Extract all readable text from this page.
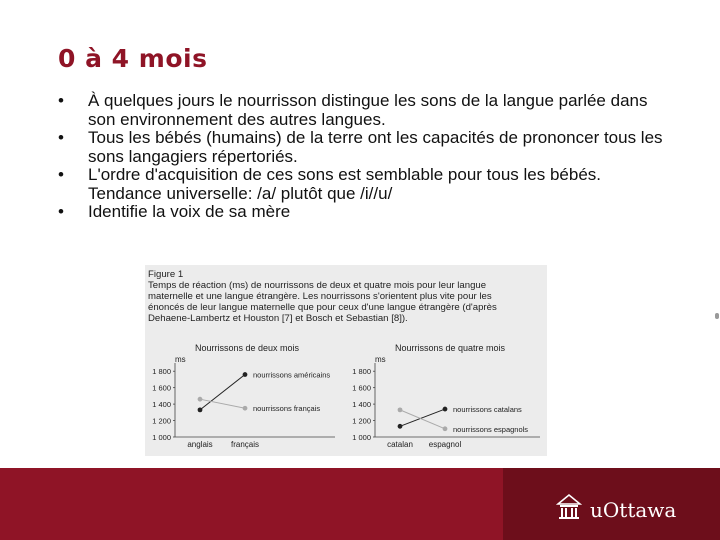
0 à 4 mois
• À quelques jours le nourrisson distingue les sons de la langue parlée dans son environnement des autres langues.
• Tous les bébés (humains) de la terre ont les capacités de prononcer tous les sons langagiers répertoriés.
• L'ordre d'acquisition de ces sons est semblable pour tous les bébés. Tendance universelle: /a/ plutôt que /i//u/
• Identifie la voix de sa mère
Figure 1
Temps de réaction (ms) de nourrissons de deux et quatre mois pour leur langue
maternelle et une langue étrangère. Les nourrissons s'orientent plus vite pour les
énoncés de leur langue maternelle que pour ceux d'une langue étrangère (d'après
Dehaene-Lambertz et Houston [7] et Bosch et Sebastian [8]).
Nourrissons de deux mois
ms
1 800
1 600
1 400
1 200
1 000
anglais français
nourrissons américains
nourrissons français
Nourrissons de quatre mois
ms
1 800
1 600
1 400
1 200
1 000
catalan espagnol
nourrissons catalans
nourrissons espagnols
uOttawa
